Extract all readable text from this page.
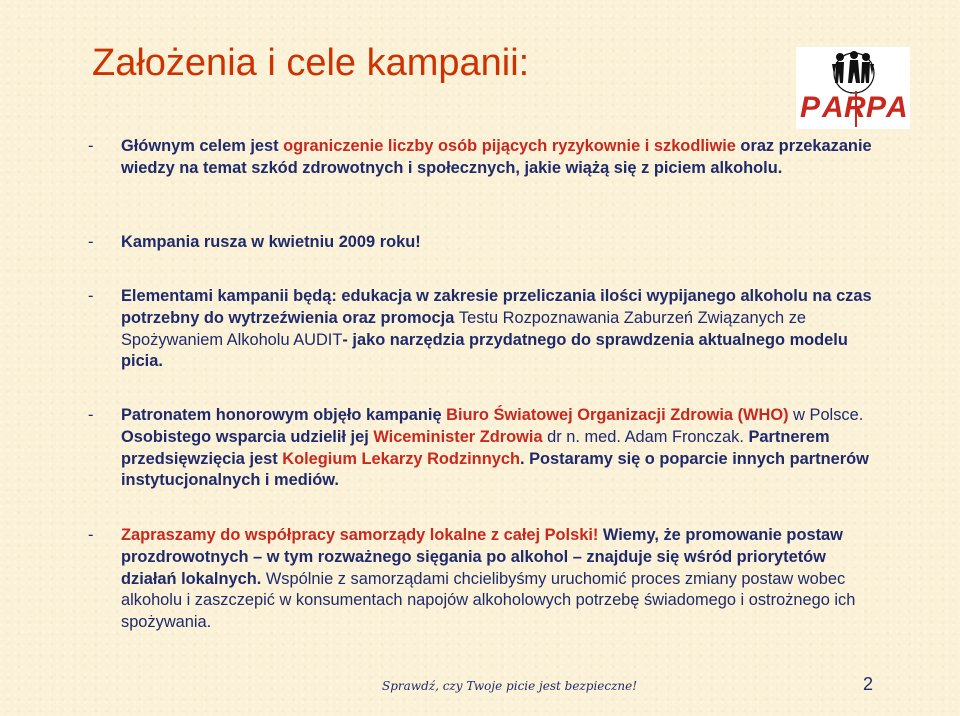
Założenia i cele kampanii:
P A R P A
- Głównym celem jest ograniczenie liczby osób pijących ryzykownie i szkodliwie oraz przekazanie wiedzy na temat szkód zdrowotnych i społecznych, jakie wiążą się z piciem alkoholu.
- Kampania rusza w kwietniu 2009 roku!
- Elementami kampanii będą: edukacja w zakresie przeliczania ilości wypijanego alkoholu na czas potrzebny do wytrzeźwienia oraz promocja Testu Rozpoznawania Zaburzeń Związanych ze Spożywaniem Alkoholu AUDIT- jako narzędzia przydatnego do sprawdzenia aktualnego modelu picia.
- Patronatem honorowym objęło kampanię Biuro Światowej Organizacji Zdrowia (WHO) w Polsce. Osobistego wsparcia udzielił jej Wiceminister Zdrowia dr n. med. Adam Fronczak. Partnerem przedsięwzięcia jest Kolegium Lekarzy Rodzinnych. Postaramy się o poparcie innych partnerów instytucjonalnych i mediów.
- Zapraszamy do współpracy samorządy lokalne z całej Polski! Wiemy, że promowanie postaw prozdrowotnych – w tym rozważnego sięgania po alkohol – znajduje się wśród priorytetów działań lokalnych. Wspólnie z samorządami chcielibyśmy uruchomić proces zmiany postaw wobec alkoholu i zaszczepić w konsumentach napojów alkoholowych potrzebę świadomego i ostrożnego ich spożywania.
Sprawdź, czy Twoje picie jest bezpieczne!	2
